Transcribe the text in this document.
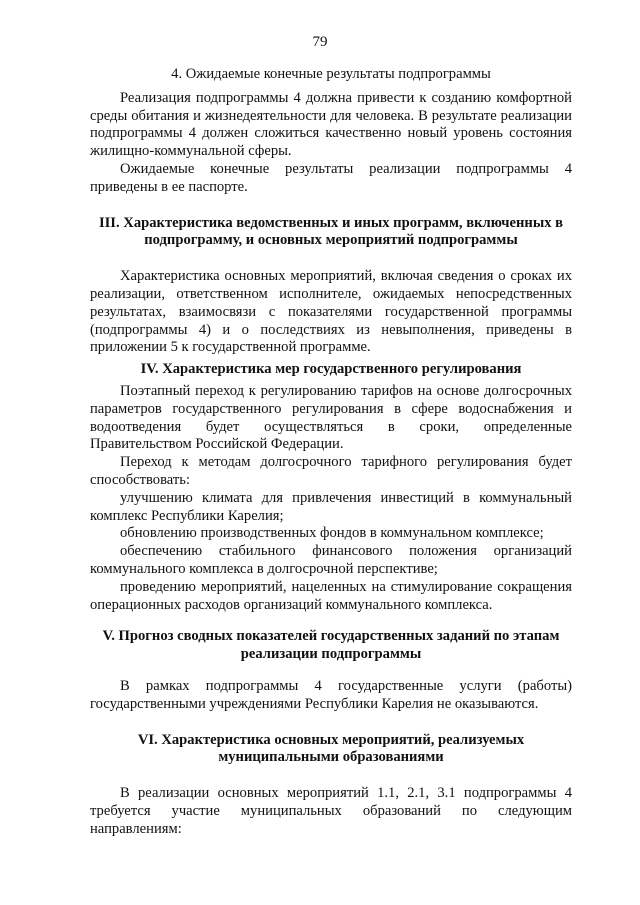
79
4. Ожидаемые конечные результаты подпрограммы

Реализация подпрограммы 4 должна привести к созданию комфортной среды обитания и жизнедеятельности для человека. В результате реализации подпрограммы 4 должен сложиться качественно новый уровень состояния жилищно-коммунальной сферы.

Ожидаемые конечные результаты реализации подпрограммы 4 приведены в ее паспорте.

III. Характеристика ведомственных и иных программ, включенных в подпрограмму, и основных мероприятий подпрограммы

Характеристика основных мероприятий, включая сведения о сроках их реализации, ответственном исполнителе, ожидаемых непосредственных результатах, взаимосвязи с показателями государственной программы (подпрограммы 4) и о последствиях из невыполнения, приведены в приложении 5 к государственной программе.

IV. Характеристика мер государственного регулирования

Поэтапный переход к регулированию тарифов на основе долгосрочных параметров государственного регулирования в сфере водоснабжения и водоотведения будет осуществляться в сроки, определенные Правительством Российской Федерации.

Переход к методам долгосрочного тарифного регулирования будет способствовать:

улучшению климата для привлечения инвестиций в коммунальный комплекс Республики Карелия;

обновлению производственных фондов в коммунальном комплексе;

обеспечению стабильного финансового положения организаций коммунального комплекса в долгосрочной перспективе;

проведению мероприятий, нацеленных на стимулирование сокращения операционных расходов организаций коммунального комплекса.

V. Прогноз сводных показателей государственных заданий по этапам реализации подпрограммы

В рамках подпрограммы 4 государственные услуги (работы) государственными учреждениями Республики Карелия не оказываются.

VI. Характеристика основных мероприятий, реализуемых муниципальными образованиями

В реализации основных мероприятий 1.1, 2.1, 3.1 подпрограммы 4 требуется участие муниципальных образований по следующим направлениям:
